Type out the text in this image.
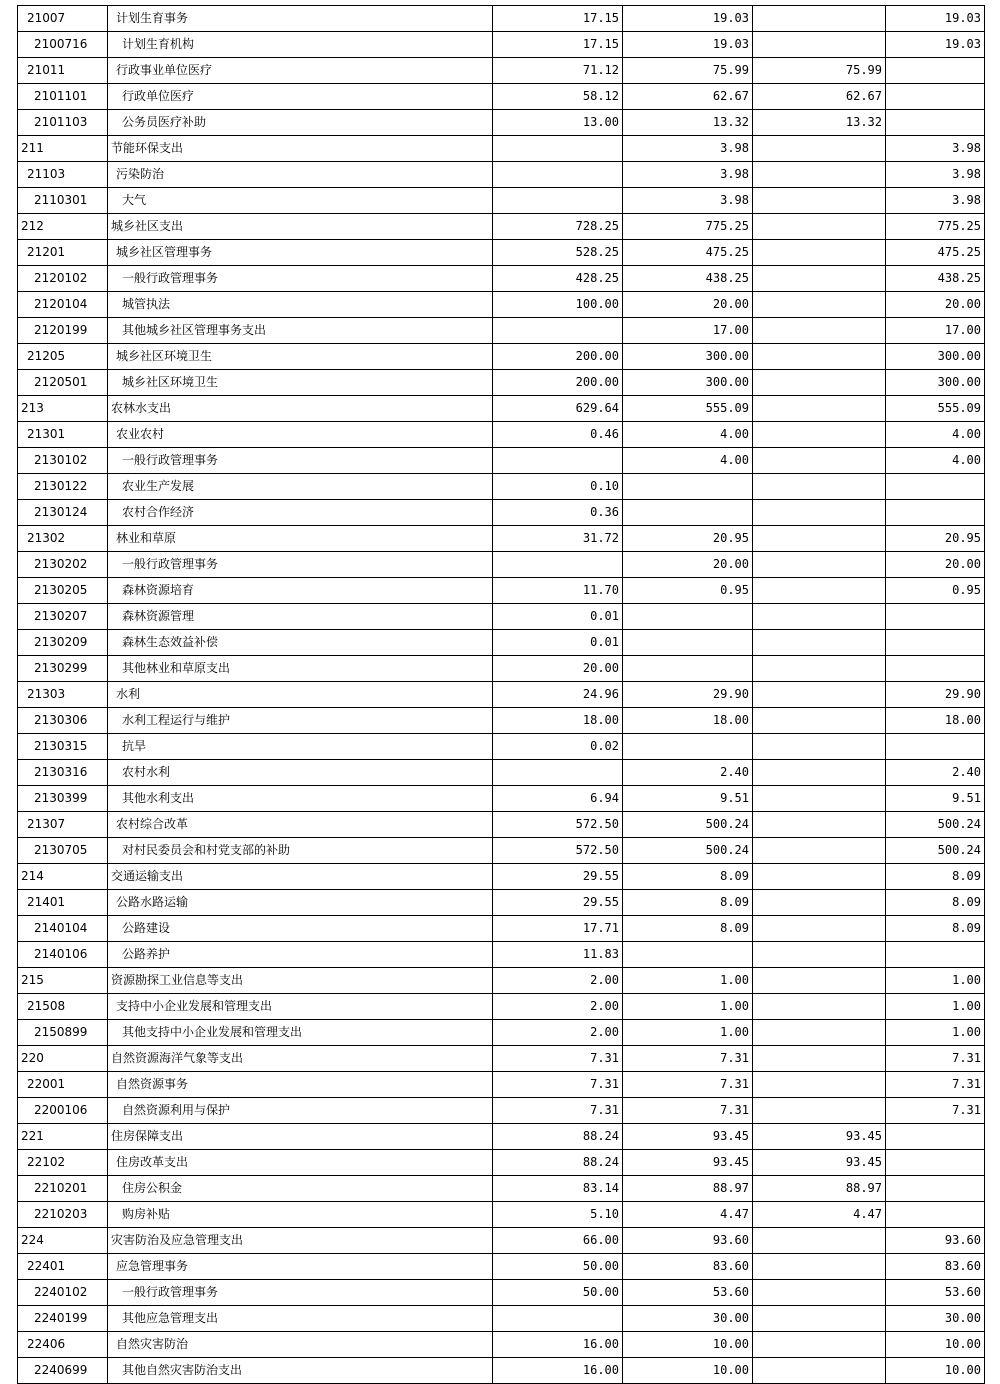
21007	计划生育事务	17.15	19.03		19.03
2100716	计划生育机构	17.15	19.03		19.03
21011	行政事业单位医疗	71.12	75.99	75.99	
2101101	行政单位医疗	58.12	62.67	62.67	
2101103	公务员医疗补助	13.00	13.32	13.32	
211	节能环保支出		3.98		3.98
21103	污染防治		3.98		3.98
2110301	大气		3.98		3.98
212	城乡社区支出	728.25	775.25		775.25
21201	城乡社区管理事务	528.25	475.25		475.25
2120102	一般行政管理事务	428.25	438.25		438.25
2120104	城管执法	100.00	20.00		20.00
2120199	其他城乡社区管理事务支出		17.00		17.00
21205	城乡社区环境卫生	200.00	300.00		300.00
2120501	城乡社区环境卫生	200.00	300.00		300.00
213	农林水支出	629.64	555.09		555.09
21301	农业农村	0.46	4.00		4.00
2130102	一般行政管理事务		4.00		4.00
2130122	农业生产发展	0.10			
2130124	农村合作经济	0.36			
21302	林业和草原	31.72	20.95		20.95
2130202	一般行政管理事务		20.00		20.00
2130205	森林资源培育	11.70	0.95		0.95
2130207	森林资源管理	0.01			
2130209	森林生态效益补偿	0.01			
2130299	其他林业和草原支出	20.00			
21303	水利	24.96	29.90		29.90
2130306	水利工程运行与维护	18.00	18.00		18.00
2130315	抗旱	0.02			
2130316	农村水利		2.40		2.40
2130399	其他水利支出	6.94	9.51		9.51
21307	农村综合改革	572.50	500.24		500.24
2130705	对村民委员会和村党支部的补助	572.50	500.24		500.24
214	交通运输支出	29.55	8.09		8.09
21401	公路水路运输	29.55	8.09		8.09
2140104	公路建设	17.71	8.09		8.09
2140106	公路养护	11.83			
215	资源勘探工业信息等支出	2.00	1.00		1.00
21508	支持中小企业发展和管理支出	2.00	1.00		1.00
2150899	其他支持中小企业发展和管理支出	2.00	1.00		1.00
220	自然资源海洋气象等支出	7.31	7.31		7.31
22001	自然资源事务	7.31	7.31		7.31
2200106	自然资源利用与保护	7.31	7.31		7.31
221	住房保障支出	88.24	93.45	93.45	
22102	住房改革支出	88.24	93.45	93.45	
2210201	住房公积金	83.14	88.97	88.97	
2210203	购房补贴	5.10	4.47	4.47	
224	灾害防治及应急管理支出	66.00	93.60		93.60
22401	应急管理事务	50.00	83.60		83.60
2240102	一般行政管理事务	50.00	53.60		53.60
2240199	其他应急管理支出		30.00		30.00
22406	自然灾害防治	16.00	10.00		10.00
2240699	其他自然灾害防治支出	16.00	10.00		10.00
